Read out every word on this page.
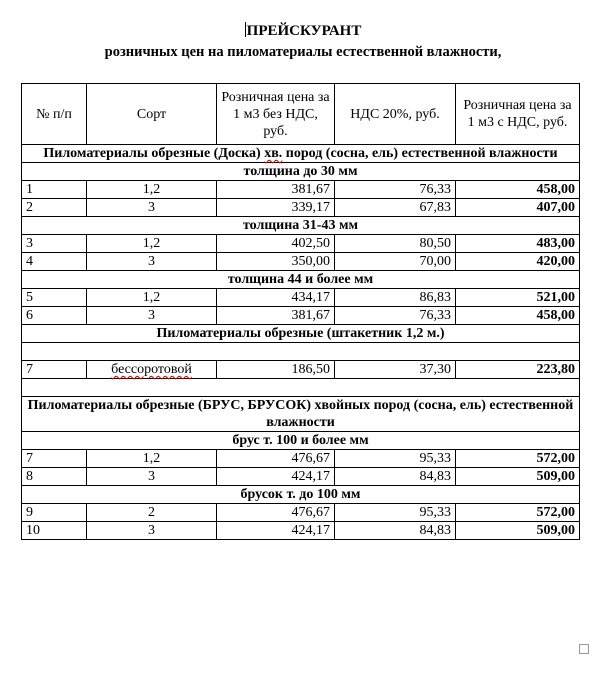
ПРЕЙСКУРАНТ
розничных цен на пиломатериалы естественной влажности,
№ п/п	Сорт	Розничная цена за 1 м3 без НДС, руб.	НДС 20%, руб.	Розничная цена за 1 м3 с НДС, руб.
Пиломатериалы обрезные (Доска) хв. пород (сосна, ель) естественной влажности				
толщина до 30 мм				
1	1,2	381,67	76,33	458,00
2	3	339,17	67,83	407,00
толщина 31-43 мм				
3	1,2	402,50	80,50	483,00
4	3	350,00	70,00	420,00
толщина 44 и более мм				
5	1,2	434,17	86,83	521,00
6	3	381,67	76,33	458,00
Пиломатериалы обрезные (штакетник 1,2 м.)				

7	бессоротовой	186,50	37,30	223,80

Пиломатериалы обрезные (БРУС, БРУСОК) хвойных пород (сосна, ель) естественной влажности				
брус т. 100 и более мм				
7	1,2	476,67	95,33	572,00
8	3	424,17	84,83	509,00
брусок т. до 100 мм				
9	2	476,67	95,33	572,00
10	3	424,17	84,83	509,00
